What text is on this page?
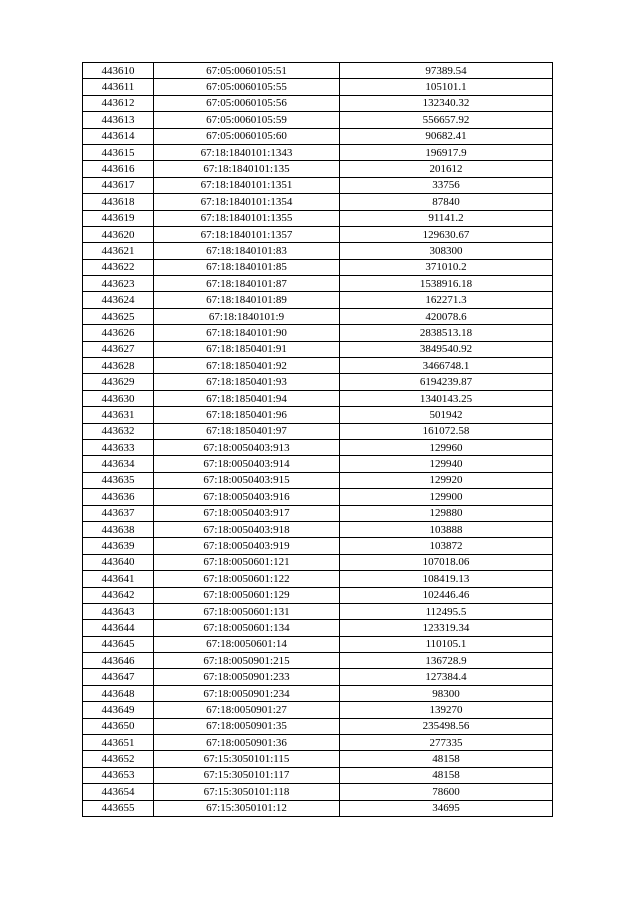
443610	67:05:0060105:51	97389.54
443611	67:05:0060105:55	105101.1
443612	67:05:0060105:56	132340.32
443613	67:05:0060105:59	556657.92
443614	67:05:0060105:60	90682.41
443615	67:18:1840101:1343	196917.9
443616	67:18:1840101:135	201612
443617	67:18:1840101:1351	33756
443618	67:18:1840101:1354	87840
443619	67:18:1840101:1355	91141.2
443620	67:18:1840101:1357	129630.67
443621	67:18:1840101:83	308300
443622	67:18:1840101:85	371010.2
443623	67:18:1840101:87	1538916.18
443624	67:18:1840101:89	162271.3
443625	67:18:1840101:9	420078.6
443626	67:18:1840101:90	2838513.18
443627	67:18:1850401:91	3849540.92
443628	67:18:1850401:92	3466748.1
443629	67:18:1850401:93	6194239.87
443630	67:18:1850401:94	1340143.25
443631	67:18:1850401:96	501942
443632	67:18:1850401:97	161072.58
443633	67:18:0050403:913	129960
443634	67:18:0050403:914	129940
443635	67:18:0050403:915	129920
443636	67:18:0050403:916	129900
443637	67:18:0050403:917	129880
443638	67:18:0050403:918	103888
443639	67:18:0050403:919	103872
443640	67:18:0050601:121	107018.06
443641	67:18:0050601:122	108419.13
443642	67:18:0050601:129	102446.46
443643	67:18:0050601:131	112495.5
443644	67:18:0050601:134	123319.34
443645	67:18:0050601:14	110105.1
443646	67:18:0050901:215	136728.9
443647	67:18:0050901:233	127384.4
443648	67:18:0050901:234	98300
443649	67:18:0050901:27	139270
443650	67:18:0050901:35	235498.56
443651	67:18:0050901:36	277335
443652	67:15:3050101:115	48158
443653	67:15:3050101:117	48158
443654	67:15:3050101:118	78600
443655	67:15:3050101:12	34695
